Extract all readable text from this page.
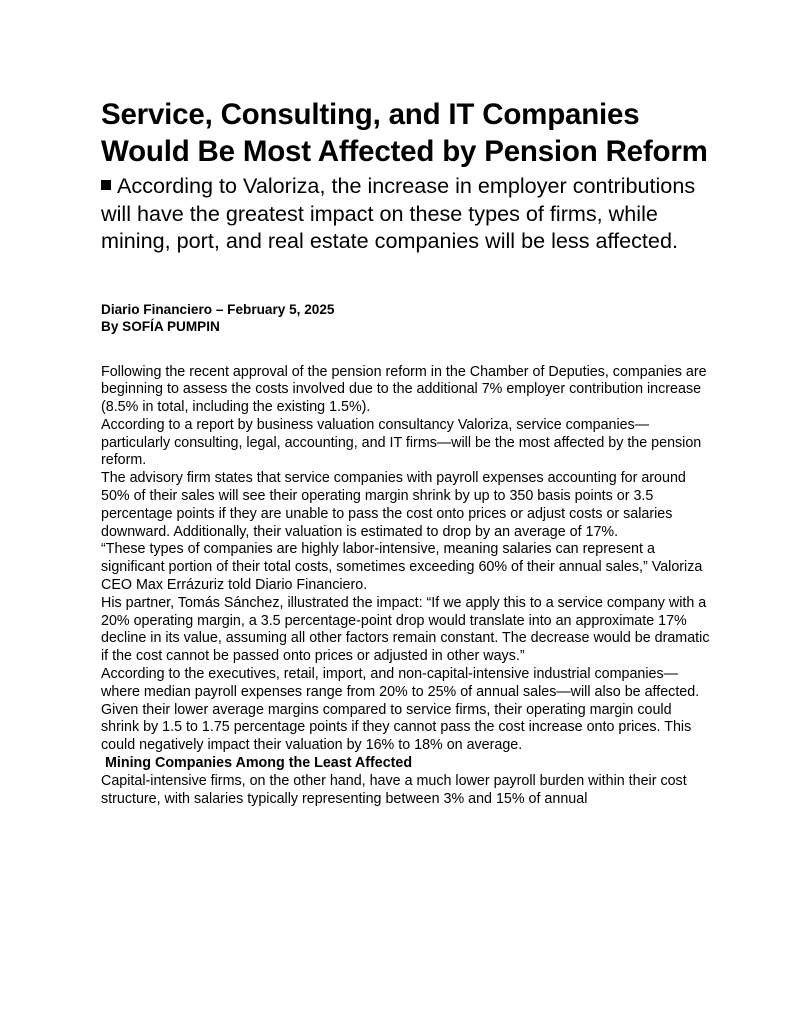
Service, Consulting, and IT Companies Would Be Most Affected by Pension Reform

According to Valoriza, the increase in employer contributions will have the greatest impact on these types of firms, while mining, port, and real estate companies will be less affected.

Diario Financiero – February 5, 2025
By SOFÍA PUMPIN

Following the recent approval of the pension reform in the Chamber of Deputies, companies are beginning to assess the costs involved due to the additional 7% employer contribution increase (8.5% in total, including the existing 1.5%).

According to a report by business valuation consultancy Valoriza, service companies—particularly consulting, legal, accounting, and IT firms—will be the most affected by the pension reform.

The advisory firm states that service companies with payroll expenses accounting for around 50% of their sales will see their operating margin shrink by up to 350 basis points or 3.5 percentage points if they are unable to pass the cost onto prices or adjust costs or salaries downward. Additionally, their valuation is estimated to drop by an average of 17%.

“These types of companies are highly labor-intensive, meaning salaries can represent a significant portion of their total costs, sometimes exceeding 60% of their annual sales,” Valoriza CEO Max Errázuriz told Diario Financiero.

His partner, Tomás Sánchez, illustrated the impact: “If we apply this to a service company with a 20% operating margin, a 3.5 percentage-point drop would translate into an approximate 17% decline in its value, assuming all other factors remain constant. The decrease would be dramatic if the cost cannot be passed onto prices or adjusted in other ways.”

According to the executives, retail, import, and non-capital-intensive industrial companies—where median payroll expenses range from 20% to 25% of annual sales—will also be affected. Given their lower average margins compared to service firms, their operating margin could shrink by 1.5 to 1.75 percentage points if they cannot pass the cost increase onto prices. This could negatively impact their valuation by 16% to 18% on average.

Mining Companies Among the Least Affected

Capital-intensive firms, on the other hand, have a much lower payroll burden within their cost structure, with salaries typically representing between 3% and 15% of annual
